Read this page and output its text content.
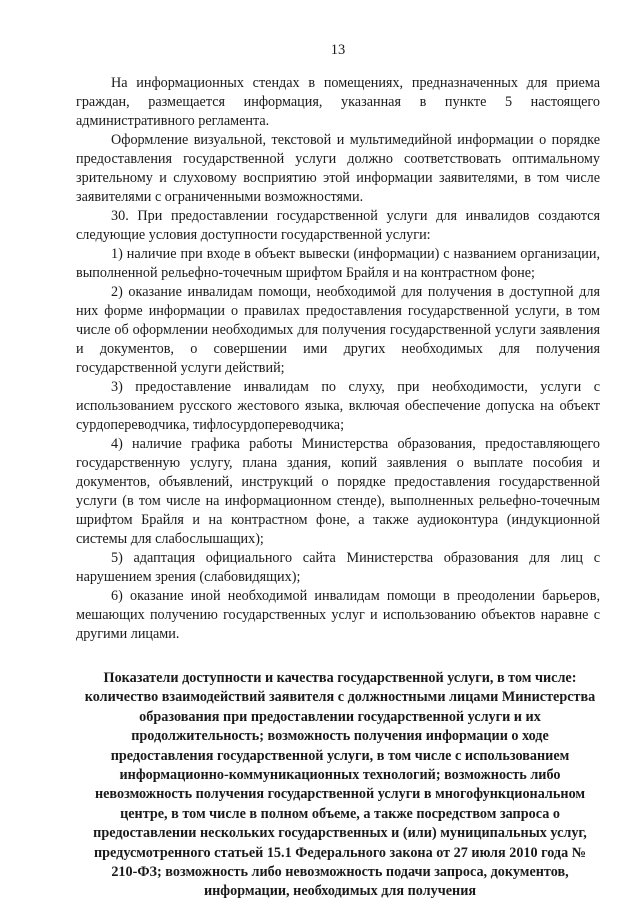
13

На информационных стендах в помещениях, предназначенных для приема граждан, размещается информация, указанная в пункте 5 настоящего административного регламента.

Оформление визуальной, текстовой и мультимедийной информации о порядке предоставления государственной услуги должно соответствовать оптимальному зрительному и слуховому восприятию этой информации заявителями, в том числе заявителями с ограниченными возможностями.

30. При предоставлении государственной услуги для инвалидов создаются следующие условия доступности государственной услуги:

1) наличие при входе в объект вывески (информации) с названием организации, выполненной рельефно-точечным шрифтом Брайля и на контрастном фоне;

2) оказание инвалидам помощи, необходимой для получения в доступной для них форме информации о правилах предоставления государственной услуги, в том числе об оформлении необходимых для получения государственной услуги заявления и документов, о совершении ими других необходимых для получения государственной услуги действий;

3) предоставление инвалидам по слуху, при необходимости, услуги с использованием русского жестового языка, включая обеспечение допуска на объект сурдопереводчика, тифлосурдопереводчика;

4) наличие графика работы Министерства образования, предоставляющего государственную услугу, плана здания, копий заявления о выплате пособия и документов, объявлений, инструкций о порядке предоставления государственной услуги (в том числе на информационном стенде), выполненных рельефно-точечным шрифтом Брайля и на контрастном фоне, а также аудиоконтура (индукционной системы для слабослышащих);

5) адаптация официального сайта Министерства образования для лиц с нарушением зрения (слабовидящих);

6) оказание иной необходимой инвалидам помощи в преодолении барьеров, мешающих получению государственных услуг и использованию объектов наравне с другими лицами.

Показатели доступности и качества государственной услуги, в том числе: количество взаимодействий заявителя с должностными лицами Министерства образования при предоставлении государственной услуги и их продолжительность; возможность получения информации о ходе предоставления государственной услуги, в том числе с использованием информационно-коммуникационных технологий; возможность либо невозможность получения государственной услуги в многофункциональном центре, в том числе в полном объеме, а также посредством запроса о предоставлении нескольких государственных и (или) муниципальных услуг, предусмотренного статьей 15.1 Федерального закона от 27 июля 2010 года № 210-ФЗ; возможность либо невозможность подачи запроса, документов, информации, необходимых для получения
